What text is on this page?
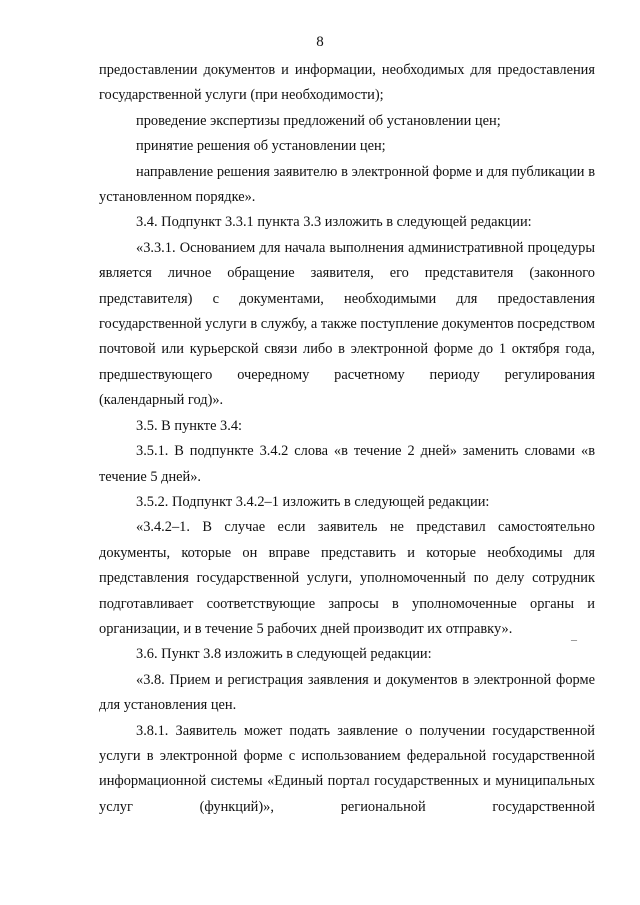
8

предоставлении документов и информации, необходимых для предоставления государственной услуги (при необходимости);

проведение экспертизы предложений об установлении цен;

принятие решения об установлении цен;

направление решения заявителю в электронной форме и для публикации в установленном порядке».

3.4. Подпункт 3.3.1 пункта 3.3 изложить в следующей редакции:

«3.3.1. Основанием для начала выполнения административной процедуры является личное обращение заявителя, его представителя (законного представителя) с документами, необходимыми для предоставления государственной услуги в службу, а также поступление документов посредством почтовой или курьерской связи либо в электронной форме до 1 октября года, предшествующего очередному расчетному периоду регулирования (календарный год)».

3.5. В пункте 3.4:

3.5.1. В подпункте 3.4.2 слова «в течение 2 дней» заменить словами «в течение 5 дней».

3.5.2. Подпункт 3.4.2–1 изложить в следующей редакции:

«3.4.2–1. В случае если заявитель не представил самостоятельно документы, которые он вправе представить и которые необходимы для представления государственной услуги, уполномоченный по делу сотрудник подготавливает соответствующие запросы в уполномоченные органы и организации, и в течение 5 рабочих дней производит их отправку».

3.6. Пункт 3.8 изложить в следующей редакции:

«3.8. Прием и регистрация заявления и документов в электронной форме для установления цен.

3.8.1. Заявитель может подать заявление о получении государственной услуги в электронной форме с использованием федеральной государственной информационной системы «Единый портал государственных и муниципальных услуг (функций)», региональной государственной

–
